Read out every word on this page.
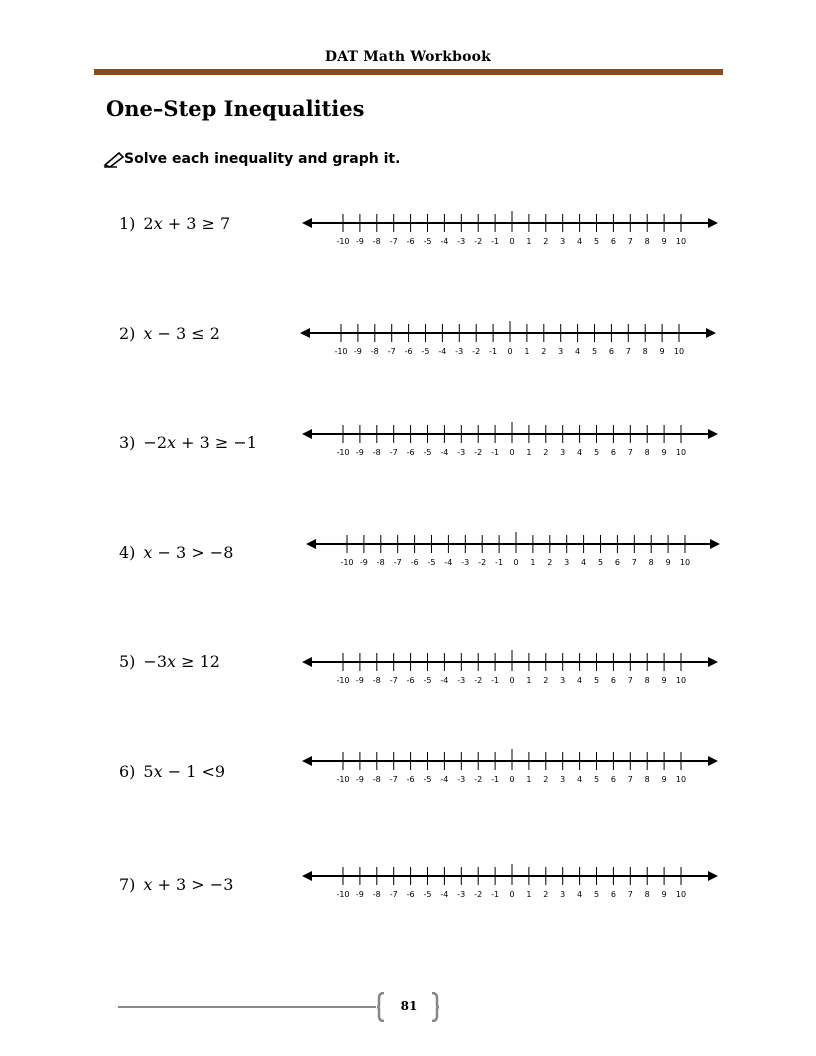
DAT Math Workbook
One–Step Inequalities
Solve each inequality and graph it.
1) 2𝑥 + 3 ≥ 7
-10 -9 -8 -7 -6 -5 -4 -3 -2 -1 0 1 2 3 4 5 6 7 8 9 10
2) 𝑥 − 3 ≤ 2
-10 -9 -8 -7 -6 -5 -4 -3 -2 -1 0 1 2 3 4 5 6 7 8 9 10
3) −2𝑥 + 3 ≥ −1
-10 -9 -8 -7 -6 -5 -4 -3 -2 -1 0 1 2 3 4 5 6 7 8 9 10
4) 𝑥 − 3 > −8
-10 -9 -8 -7 -6 -5 -4 -3 -2 -1 0 1 2 3 4 5 6 7 8 9 10
5) −3𝑥 ≥ 12
-10 -9 -8 -7 -6 -5 -4 -3 -2 -1 0 1 2 3 4 5 6 7 8 9 10
6) 5𝑥 − 1 <9	-10 -9 -8 -7 -6 -5 -4 -3 -2 -1 0 1 2 3 4 5 6 7 8 9 10
7) 𝑥 + 3 > −3
-10 -9 -8 -7 -6 -5 -4 -3 -2 -1 0 1 2 3 4 5 6 7 8 9 10
81
